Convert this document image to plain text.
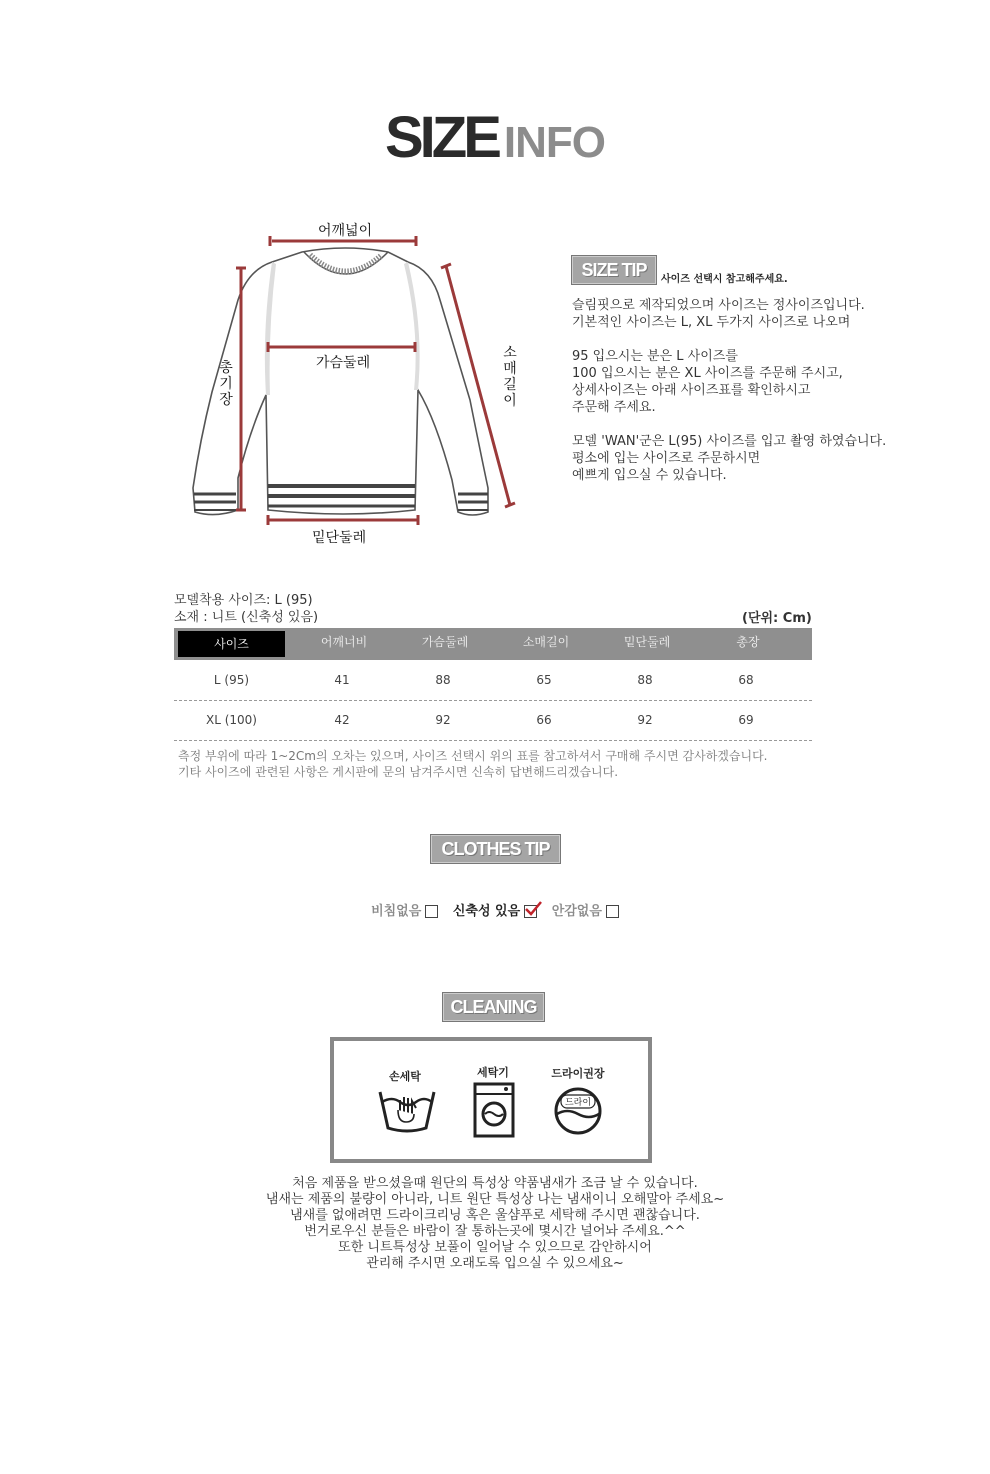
SIZE INFO
어깨넓이
가슴둘레
총기장
소매길이
밑단둘레
SIZE TIP	사이즈 선택시 참고해주세요.

슬림핏으로 제작되었으며 사이즈는 정사이즈입니다.
기본적인 사이즈는 L, XL 두가지 사이즈로 나오며

95 입으시는 분은 L 사이즈를
100 입으시는 분은 XL 사이즈를 주문해 주시고,
상세사이즈는 아래 사이즈표를 확인하시고
주문해 주세요.

모델 'WAN'군은 L(95) 사이즈를 입고 촬영 하였습니다.
평소에 입는 사이즈로 주문하시면
예쁘게 입으실 수 있습니다.

모델착용 사이즈: L (95)
소재 : 니트 (신축성 있음)	(단위: Cm)
사이즈	어깨너비	가슴둘레	소매길이	밑단둘레	총장
L (95)	41	88	65	88	68
XL (100)	42	92	66	92	69
측정 부위에 따라 1~2Cm의 오차는 있으며, 사이즈 선택시 위의 표를 참고하셔서 구매해 주시면 감사하겠습니다.
기타 사이즈에 관련된 사항은 게시판에 문의 남겨주시면 신속히 답변해드리겠습니다.
CLOTHES TIP
비침없음 신축성 있음 안감없음
CLEANING
손세탁	세탁기	드라이권장
드라이
처음 제품을 받으셨을때 원단의 특성상 약품냄새가 조금 날 수 있습니다.
냄새는 제품의 불량이 아니라, 니트 원단 특성상 나는 냄새이니 오해말아 주세요~
냄새를 없애려면 드라이크리닝 혹은 울샴푸로 세탁해 주시면 괜찮습니다.
번거로우신 분들은 바람이 잘 통하는곳에 몇시간 널어놔 주세요.^^
또한 니트특성상 보풀이 일어날 수 있으므로 감안하시어
관리해 주시면 오래도록 입으실 수 있으세요~
